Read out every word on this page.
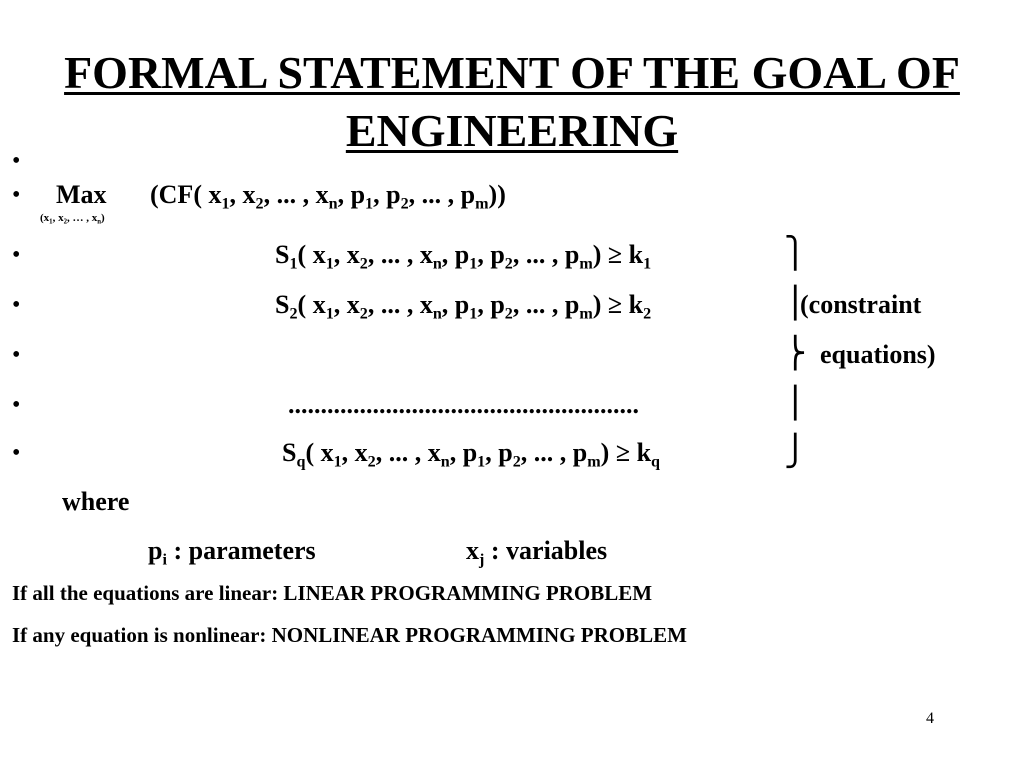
FORMAL STATEMENT OF THE GOAL OF
ENGINEERING
•
•
•
•
•
•
•
Max
($x_1$, $x_2$, … , $x_n$)
(CF( $x_1$, $x_2$, ... , $x_n$, $p_1$, $p_2$, ... , $p_m$))
$S_1$( $x_1$, $x_2$, ... , $x_n$, $p_1$, $p_2$, ... , $p_m) \ge k_1$
$S_2$( $x_1$, $x_2$, ... , $x_n$, $p_1$, $p_2$, ... , $p_m) \ge k_2$
......................................................
$S_q$( $x_1$, $x_2$, ... , $x_n$, $p_1$, $p_2$, ... , $p_m) \ge k_q$
⎫
⎪
⎬
⎪
⎭
(constraint
equations)
where
$p_i$ : parameters	$x_j$ : variables
If all the equations are linear: LINEAR PROGRAMMING PROBLEM
If any equation is nonlinear: NONLINEAR PROGRAMMING PROBLEM
4
